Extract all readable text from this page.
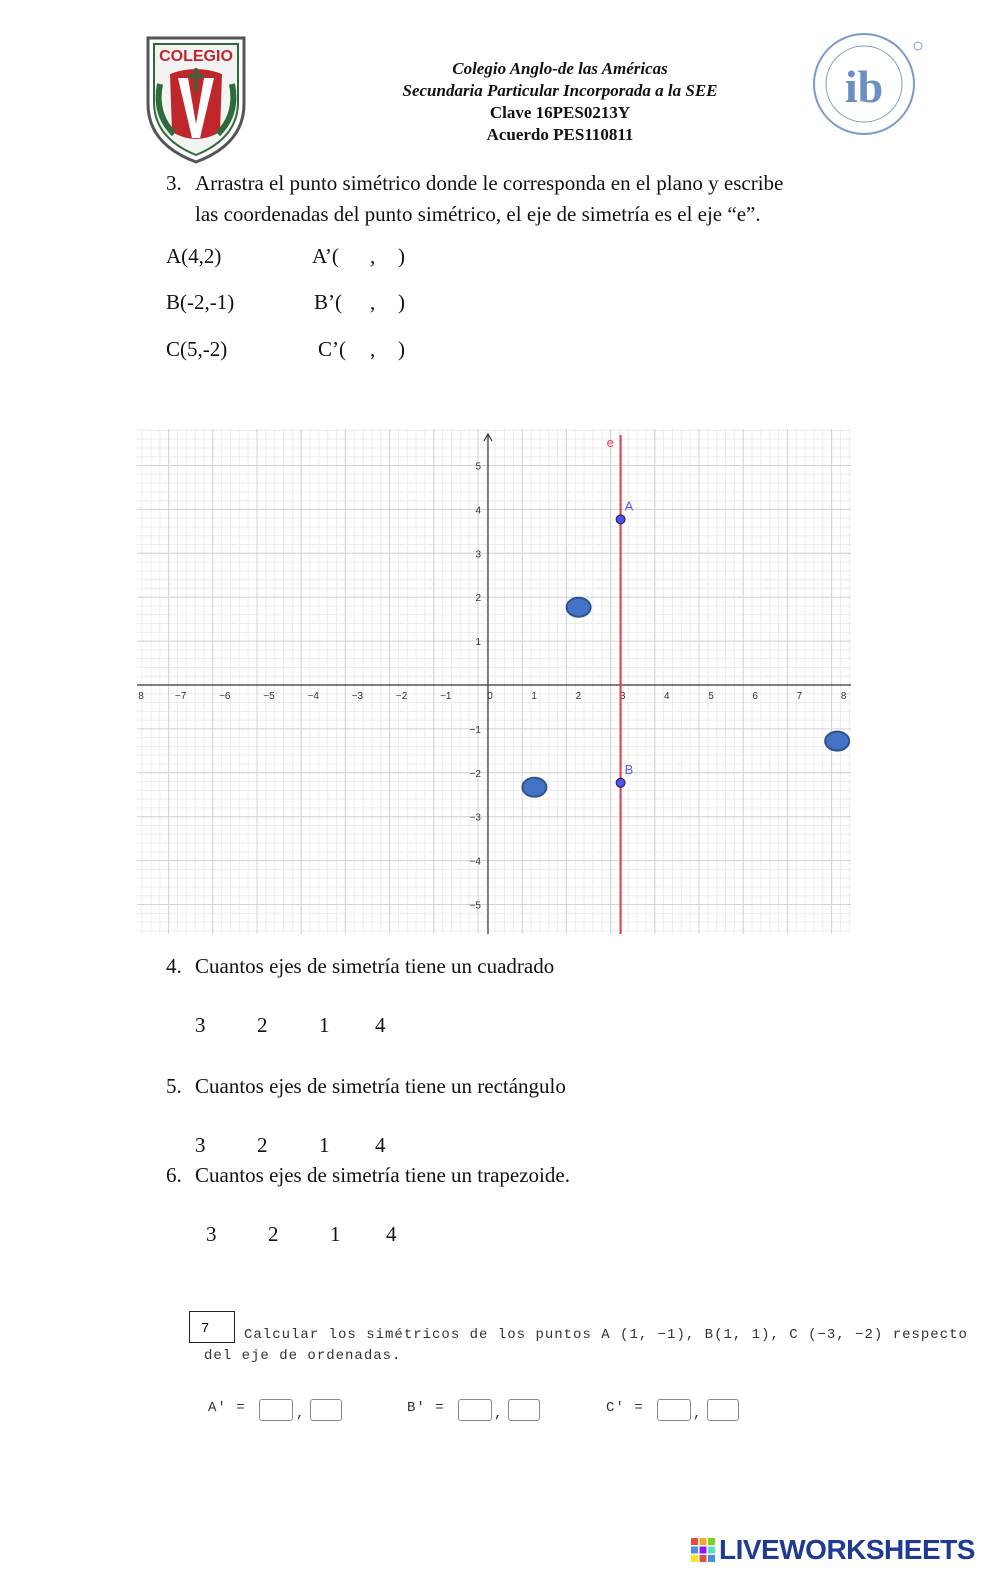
COLEGIO
Colegio Anglo-de las Américas
Secundaria Particular Incorporada a la SEE
Clave 16PES0213Y
Acuerdo PES110811
ib
3. Arrastra el punto simétrico donde le corresponda en el plano y escribe
las coordenadas del punto simétrico, el eje de simetría es el eje “e”.
A(4,2)	A’( , )
B(-2,-1)	B’( , )
C(5,-2)	C’( , )
8	−7	−6	−5	−4	−3	−2	−1	0	1	2	3	4	5	6	7	8
5
4
3
2
1
−1
−2
−3
−4
−5
e
A
B
4. Cuantos ejes de simetría tiene un cuadrado
3 2 1 4
5. Cuantos ejes de simetría tiene un rectángulo
3 2 1 4
6. Cuantos ejes de simetría tiene un trapezoide.
3 2 1 4
7 Calcular los simétricos de los puntos A (1, −1), B(1, 1), C (−3, −2) respecto
del eje de ordenadas.
A' =	,	B' =	,	C' =	,
LIVEWORKSHEETS
